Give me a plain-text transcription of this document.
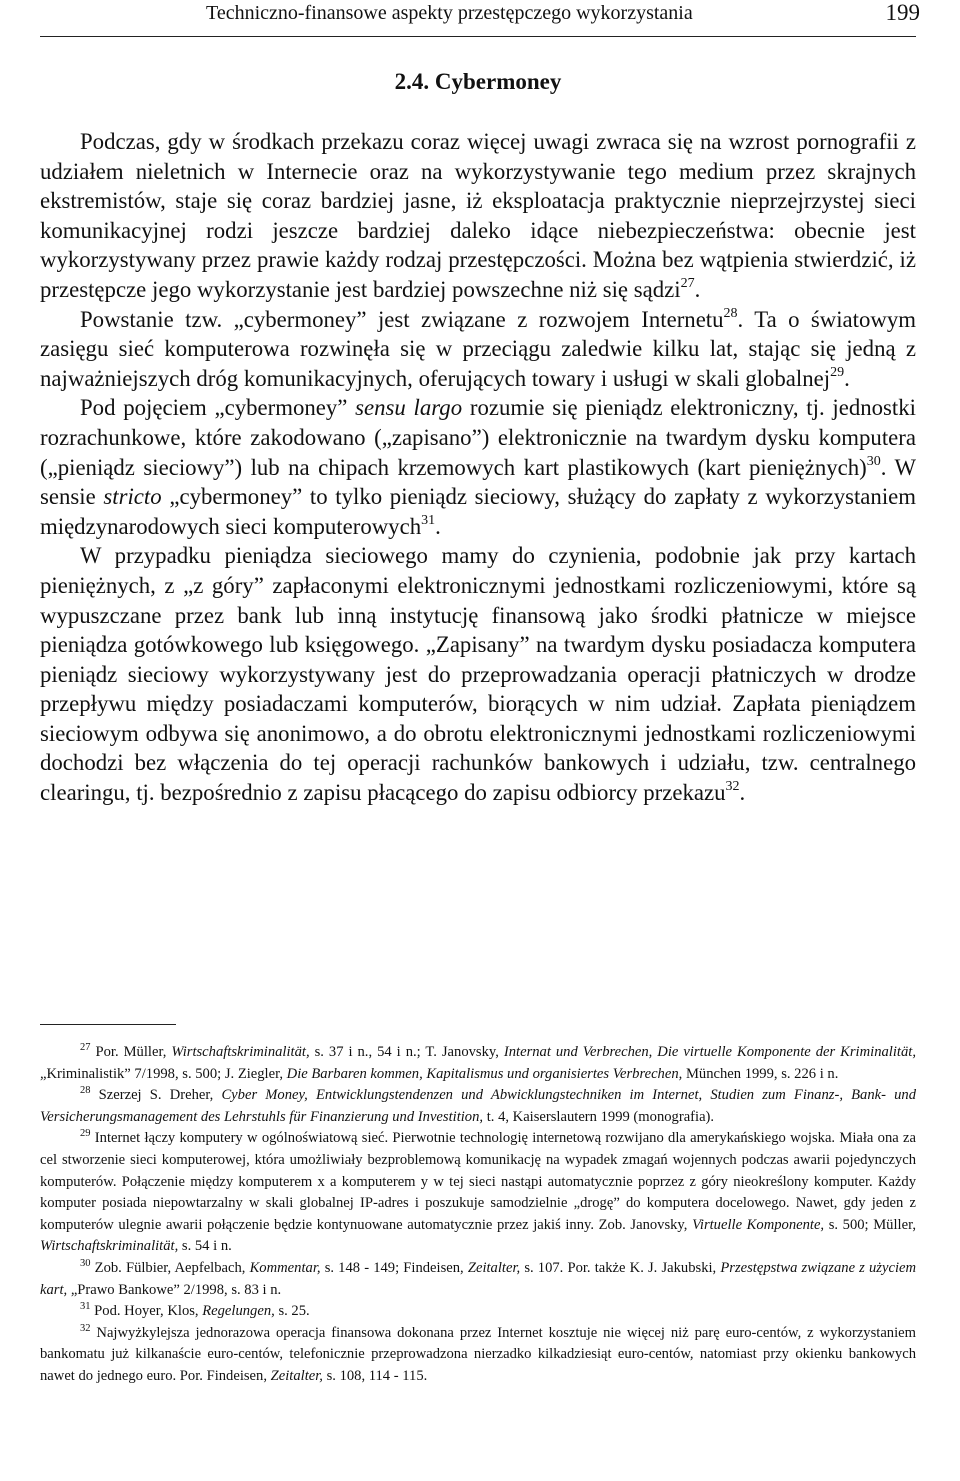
Techniczno-finansowe aspekty przestępczego wykorzystania	199
2.4. Cybermoney

Podczas, gdy w środkach przekazu coraz więcej uwagi zwraca się na wzrost pornografii z udziałem nieletnich w Internecie oraz na wykorzystywanie tego medium przez skrajnych ekstremistów, staje się coraz bardziej jasne, iż eksploatacja praktycznie nieprzejrzystej sieci komunikacyjnej rodzi jeszcze bardziej daleko idące niebezpieczeństwa: obecnie jest wykorzystywany przez prawie każdy rodzaj przestępczości. Można bez wątpienia stwierdzić, iż przestępcze jego wykorzystanie jest bardziej powszechne niż się sądzi$^{27}$.

Powstanie tzw. „cybermoney” jest związane z rozwojem Internetu$^{28}$. Ta o światowym zasięgu sieć komputerowa rozwinęła się w przeciągu zaledwie kilku lat, stając się jedną z najważniejszych dróg komunikacyjnych, oferujących towary i usługi w skali globalnej$^{29}$.

Pod pojęciem „cybermoney” sensu largo rozumie się pieniądz elektroniczny, tj. jednostki rozrachunkowe, które zakodowano („zapisano”) elektronicznie na twardym dysku komputera („pieniądz sieciowy”) lub na chipach krzemowych kart plastikowych (kart pieniężnych)$^{30}$. W sensie stricto „cybermoney” to tylko pieniądz sieciowy, służący do zapłaty z wykorzystaniem międzynarodowych sieci komputerowych$^{31}$.

W przypadku pieniądza sieciowego mamy do czynienia, podobnie jak przy kartach pieniężnych, z „z góry” zapłaconymi elektronicznymi jednostkami rozliczeniowymi, które są wypuszczane przez bank lub inną instytucję finansową jako środki płatnicze w miejsce pieniądza gotówkowego lub księgowego. „Zapisany” na twardym dysku posiadacza komputera pieniądz sieciowy wykorzystywany jest do przeprowadzania operacji płatniczych w drodze przepływu między posiadaczami komputerów, biorących w nim udział. Zapłata pieniądzem sieciowym odbywa się anonimowo, a do obrotu elektronicznymi jednostkami rozliczeniowymi dochodzi bez włączenia do tej operacji rachunków bankowych i udziału, tzw. centralnego clearingu, tj. bezpośrednio z zapisu płacącego do zapisu odbiorcy przekazu$^{32}$.

$^{27}$ Por. Müller, Wirtschaftskriminalität, s. 37 i n., 54 i n.; T. Janovsky, Internat und Verbrechen, Die virtuelle Komponente der Kriminalität, „Kriminalistik” 7/1998, s. 500; J. Ziegler, Die Barbaren kommen, Kapitalismus und organisiertes Verbrechen, München 1999, s. 226 i n.

$^{28}$ Szerzej S. Dreher, Cyber Money, Entwicklungstendenzen und Abwicklungstechniken im Internet, Studien zum Finanz-, Bank- und Versicherungsmanagement des Lehrstuhls für Finanzierung und Investition, t. 4, Kaiserslautern 1999 (monografia).

$^{29}$ Internet łączy komputery w ogólnoświatową sieć. Pierwotnie technologię internetową rozwijano dla amerykańskiego wojska. Miała ona za cel stworzenie sieci komputerowej, która umożliwiały bezproblemową komunikację na wypadek zmagań wojennych podczas awarii pojedynczych komputerów. Połączenie między komputerem x a komputerem y w tej sieci nastąpi automatycznie poprzez z góry nieokreślony komputer. Każdy komputer posiada niepowtarzalny w skali globalnej IP-adres i poszukuje samodzielnie „drogę” do komputera docelowego. Nawet, gdy jeden z komputerów ulegnie awarii połączenie będzie kontynuowane automatycznie przez jakiś inny. Zob. Janovsky, Virtuelle Komponente, s. 500; Müller, Wirtschaftskriminalität, s. 54 i n.

$^{30}$ Zob. Fülbier, Aepfelbach, Kommentar, s. 148 - 149; Findeisen, Zeitalter, s. 107. Por. także K. J. Jakubski, Przestępstwa związane z użyciem kart, „Prawo Bankowe” 2/1998, s. 83 i n.

$^{31}$ Pod. Hoyer, Klos, Regelungen, s. 25.

$^{32}$ Najwyżkylejsza jednorazowa operacja finansowa dokonana przez Internet kosztuje nie więcej niż parę euro-centów, z wykorzystaniem bankomatu już kilkanaście euro-centów, telefonicznie przeprowadzona nierzadko kilkadziesiąt euro-centów, natomiast przy okienku bankowych nawet do jednego euro. Por. Findeisen, Zeitalter, s. 108, 114 - 115.
